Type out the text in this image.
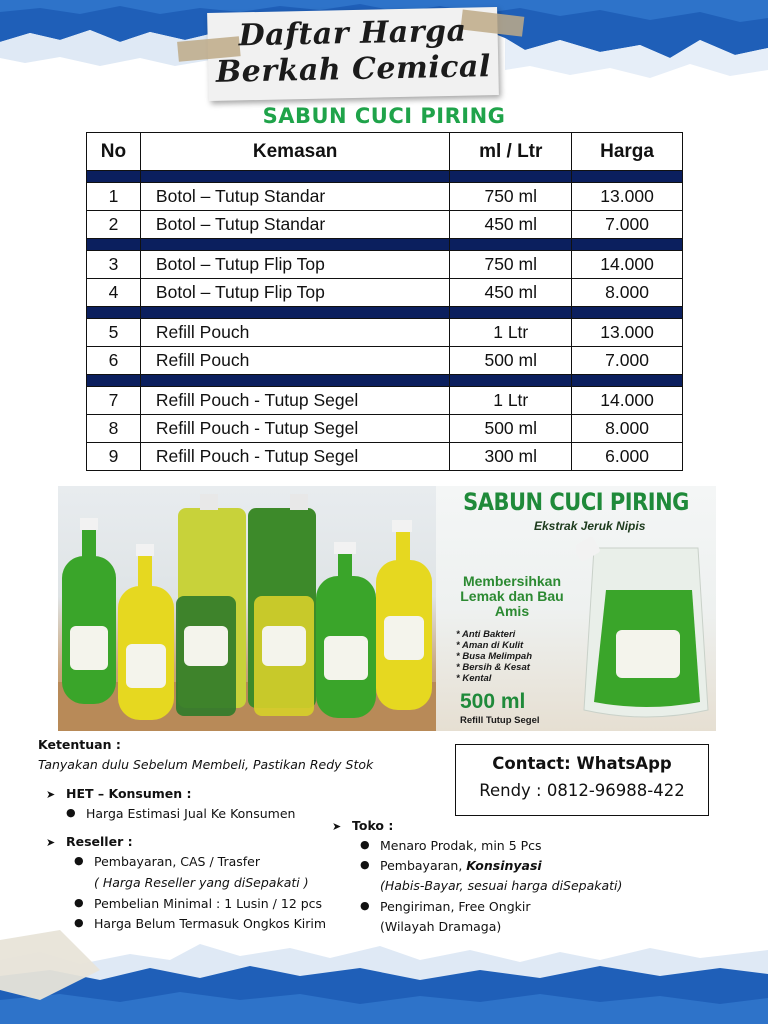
Daftar Harga
Berkah Cemical
SABUN CUCI PIRING
No	Kemasan	ml / Ltr	Harga

1	Botol – Tutup Standar	750 ml	13.000
2	Botol – Tutup Standar	450 ml	7.000

3	Botol – Tutup Flip Top	750 ml	14.000
4	Botol – Tutup Flip Top	450 ml	8.000

5	Refill Pouch	1 Ltr	13.000
6	Refill Pouch	500 ml	7.000

7	Refill Pouch - Tutup Segel	1 Ltr	14.000
8	Refill Pouch - Tutup Segel	500 ml	8.000
9	Refill Pouch - Tutup Segel	300 ml	6.000
SABUN CUCI PIRING
Ekstrak Jeruk Nipis
Membersihkan Lemak dan Bau Amis
* Anti Bakteri
* Aman di Kulit
* Busa Melimpah
* Bersih & Kesat
* Kental
500 ml
Refill Tutup Segel
Ketentuan :
Tanyakan dulu Sebelum Membeli, Pastikan Redy Stok
➤ HET – Konsumen :
● Harga Estimasi Jual Ke Konsumen
➤ Reseller :
● Pembayaran, CAS / Trasfer
( Harga Reseller yang diSepakati )
● Pembelian Minimal : 1 Lusin / 12 pcs
● Harga Belum Termasuk Ongkos Kirim
Contact: WhatsApp
Rendy : 0812-96988-422
➤ Toko :
● Menaro Prodak, min 5 Pcs
● Pembayaran, Konsinyasi
(Habis-Bayar, sesuai harga diSepakati)
● Pengiriman, Free Ongkir
(Wilayah Dramaga)
